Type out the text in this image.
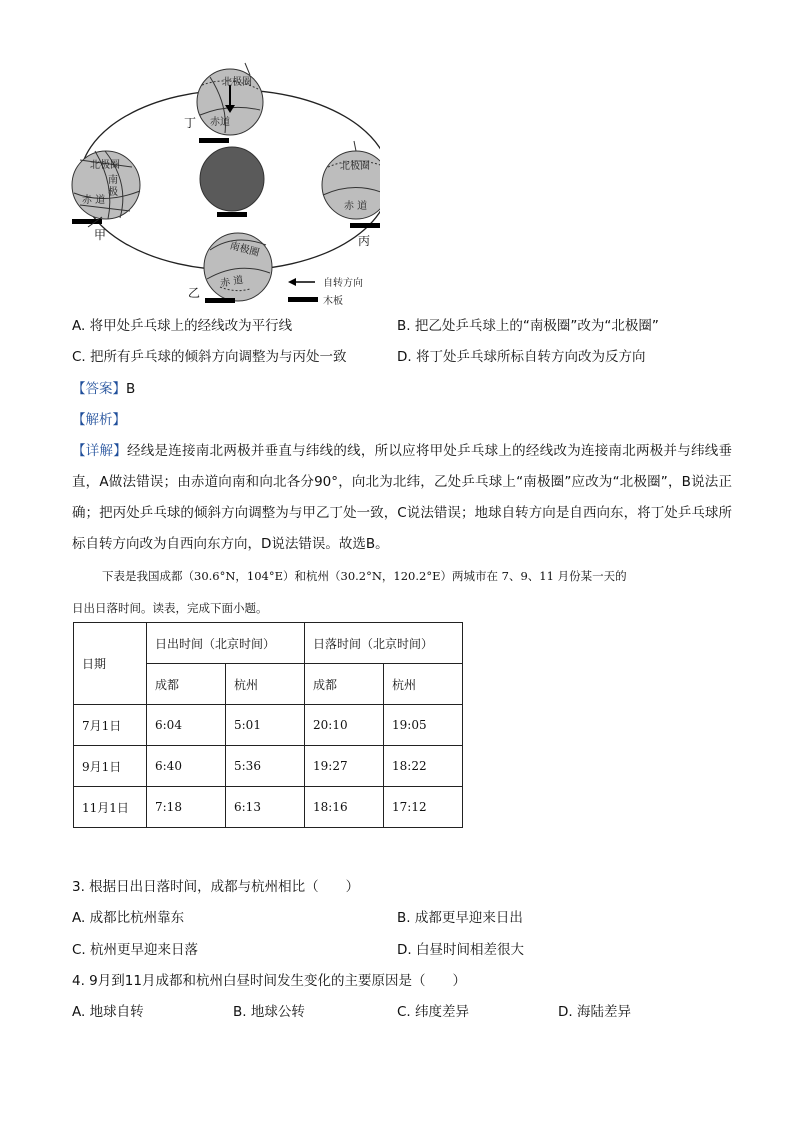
北极圈
赤道
丁
北极圈
南
极
赤 道
甲
北极圈
赤 道
丙
南极圈
赤 道
乙
自转方向
木板
A. 将甲处乒乓球上的经线改为平行线	B. 把乙处乒乓球上的“南极圈”改为“北极圈”
C. 把所有乒乓球的倾斜方向调整为与丙处一致	D. 将丁处乒乓球所标自转方向改为反方向
【答案】B
【解析】
【详解】经线是连接南北两极并垂直与纬线的线，所以应将甲处乒乓球上的经线改为连接南北两极并与纬线垂直，A做法错误；由赤道向南和向北各分90°，向北为北纬，乙处乒乓球上“南极圈”应改为“北极圈”，B说法正确；把丙处乒乓球的倾斜方向调整为与甲乙丁处一致，C说法错误；地球自转方向是自西向东，将丁处乒乓球所标自转方向改为自西向东方向，D说法错误。故选B。
下表是我国成都（30.6°N，104°E）和杭州（30.2°N，120.2°E）两城市在 7、9、11 月份某一天的
日出日落时间。读表，完成下面小题。
日期	日出时间（北京时间）		日落时间（北京时间）	
	成都	杭州	成都	杭州
7月1日	6:04	5:01	20:10	19:05
9月1日	6:40	5:36	19:27	18:22
11月1日	7:18	6:13	18:16	17:12
3. 根据日出日落时间，成都与杭州相比（　　）
A. 成都比杭州靠东	B. 成都更早迎来日出
C. 杭州更早迎来日落	D. 白昼时间相差很大
4. 9月到11月成都和杭州白昼时间发生变化的主要原因是（　　）
A. 地球自转	B. 地球公转	C. 纬度差异	D. 海陆差异
